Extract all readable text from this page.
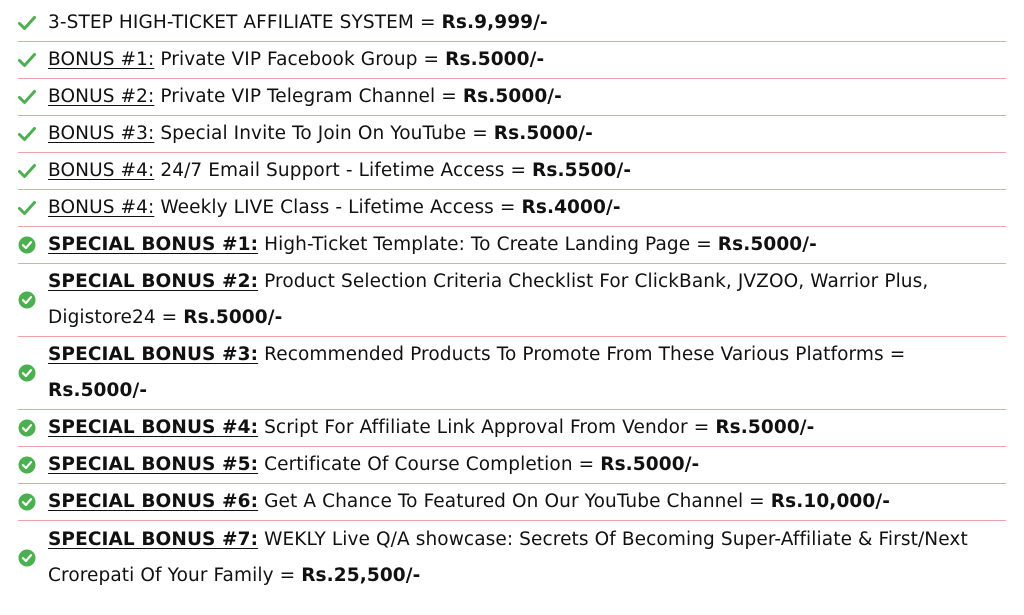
3-STEP HIGH-TICKET AFFILIATE SYSTEM = Rs.9,999/-
BONUS #1: Private VIP Facebook Group = Rs.5000/-
BONUS #2: Private VIP Telegram Channel = Rs.5000/-
BONUS #3: Special Invite To Join On YouTube = Rs.5000/-
BONUS #4: 24/7 Email Support - Lifetime Access = Rs.5500/-
BONUS #4: Weekly LIVE Class - Lifetime Access = Rs.4000/-
SPECIAL BONUS #1: High-Ticket Template: To Create Landing Page = Rs.5000/-
SPECIAL BONUS #2: Product Selection Criteria Checklist For ClickBank, JVZOO, Warrior Plus, Digistore24 = Rs.5000/-
SPECIAL BONUS #3: Recommended Products To Promote From These Various Platforms = Rs.5000/-
SPECIAL BONUS #4: Script For Affiliate Link Approval From Vendor = Rs.5000/-
SPECIAL BONUS #5: Certificate Of Course Completion = Rs.5000/-
SPECIAL BONUS #6: Get A Chance To Featured On Our YouTube Channel = Rs.10,000/-
SPECIAL BONUS #7: WEKLY Live Q/A showcase: Secrets Of Becoming Super-Affiliate & First/Next Crorepati Of Your Family = Rs.25,500/-
